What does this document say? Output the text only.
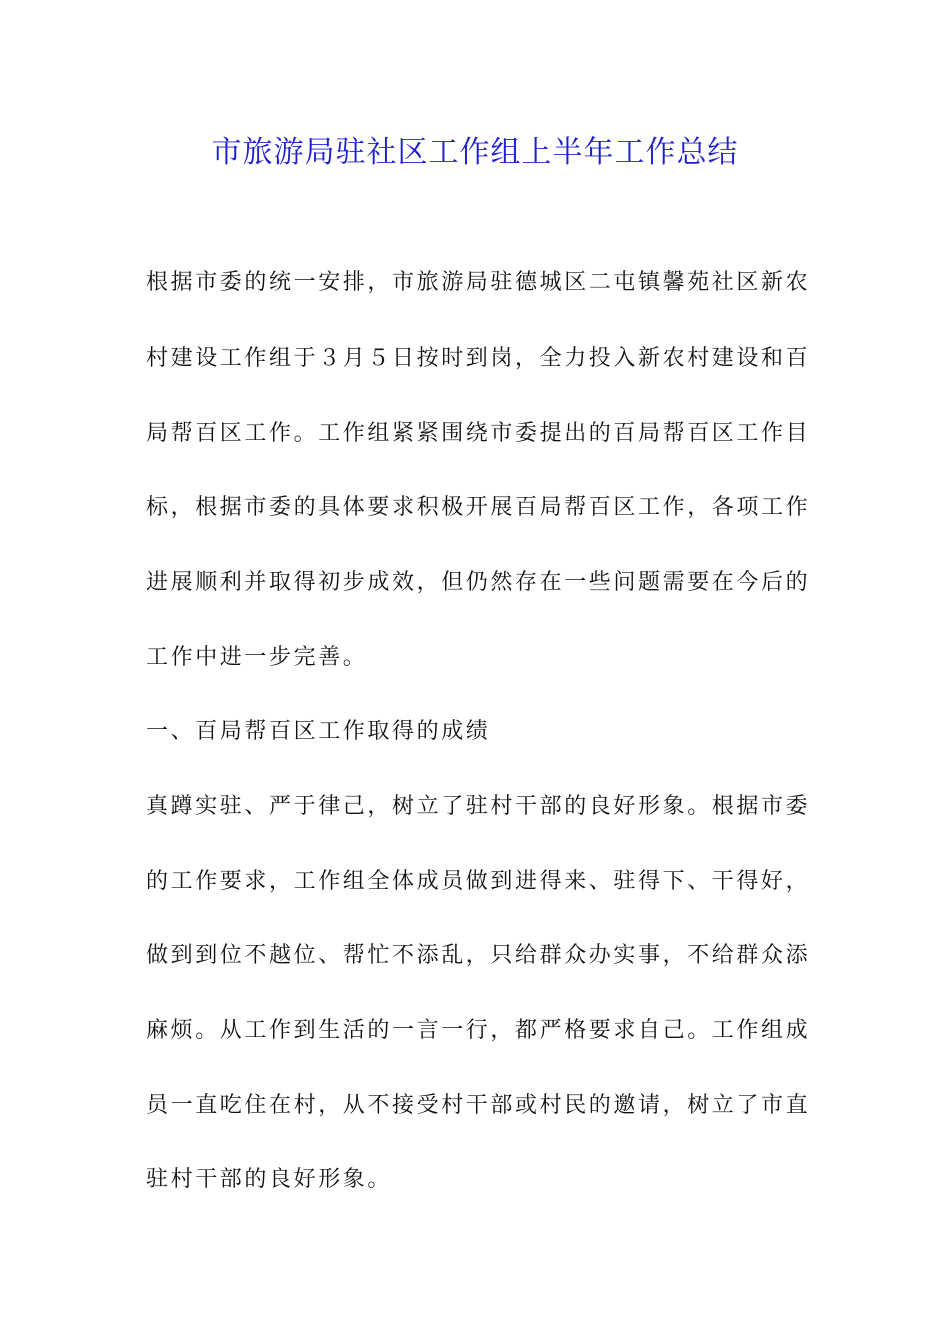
市旅游局驻社区工作组上半年工作总结
根据市委的统一安排，市旅游局驻德城区二屯镇馨苑社区新农
村建设工作组于３月５日按时到岗，全力投入新农村建设和百
局帮百区工作。工作组紧紧围绕市委提出的百局帮百区工作目
标，根据市委的具体要求积极开展百局帮百区工作，各项工作
进展顺利并取得初步成效，但仍然存在一些问题需要在今后的
工作中进一步完善。
一、百局帮百区工作取得的成绩
真蹲实驻、严于律己，树立了驻村干部的良好形象。根据市委
的工作要求，工作组全体成员做到进得来、驻得下、干得好，
做到到位不越位、帮忙不添乱，只给群众办实事，不给群众添
麻烦。从工作到生活的一言一行，都严格要求自己。工作组成
员一直吃住在村，从不接受村干部或村民的邀请，树立了市直
驻村干部的良好形象。
